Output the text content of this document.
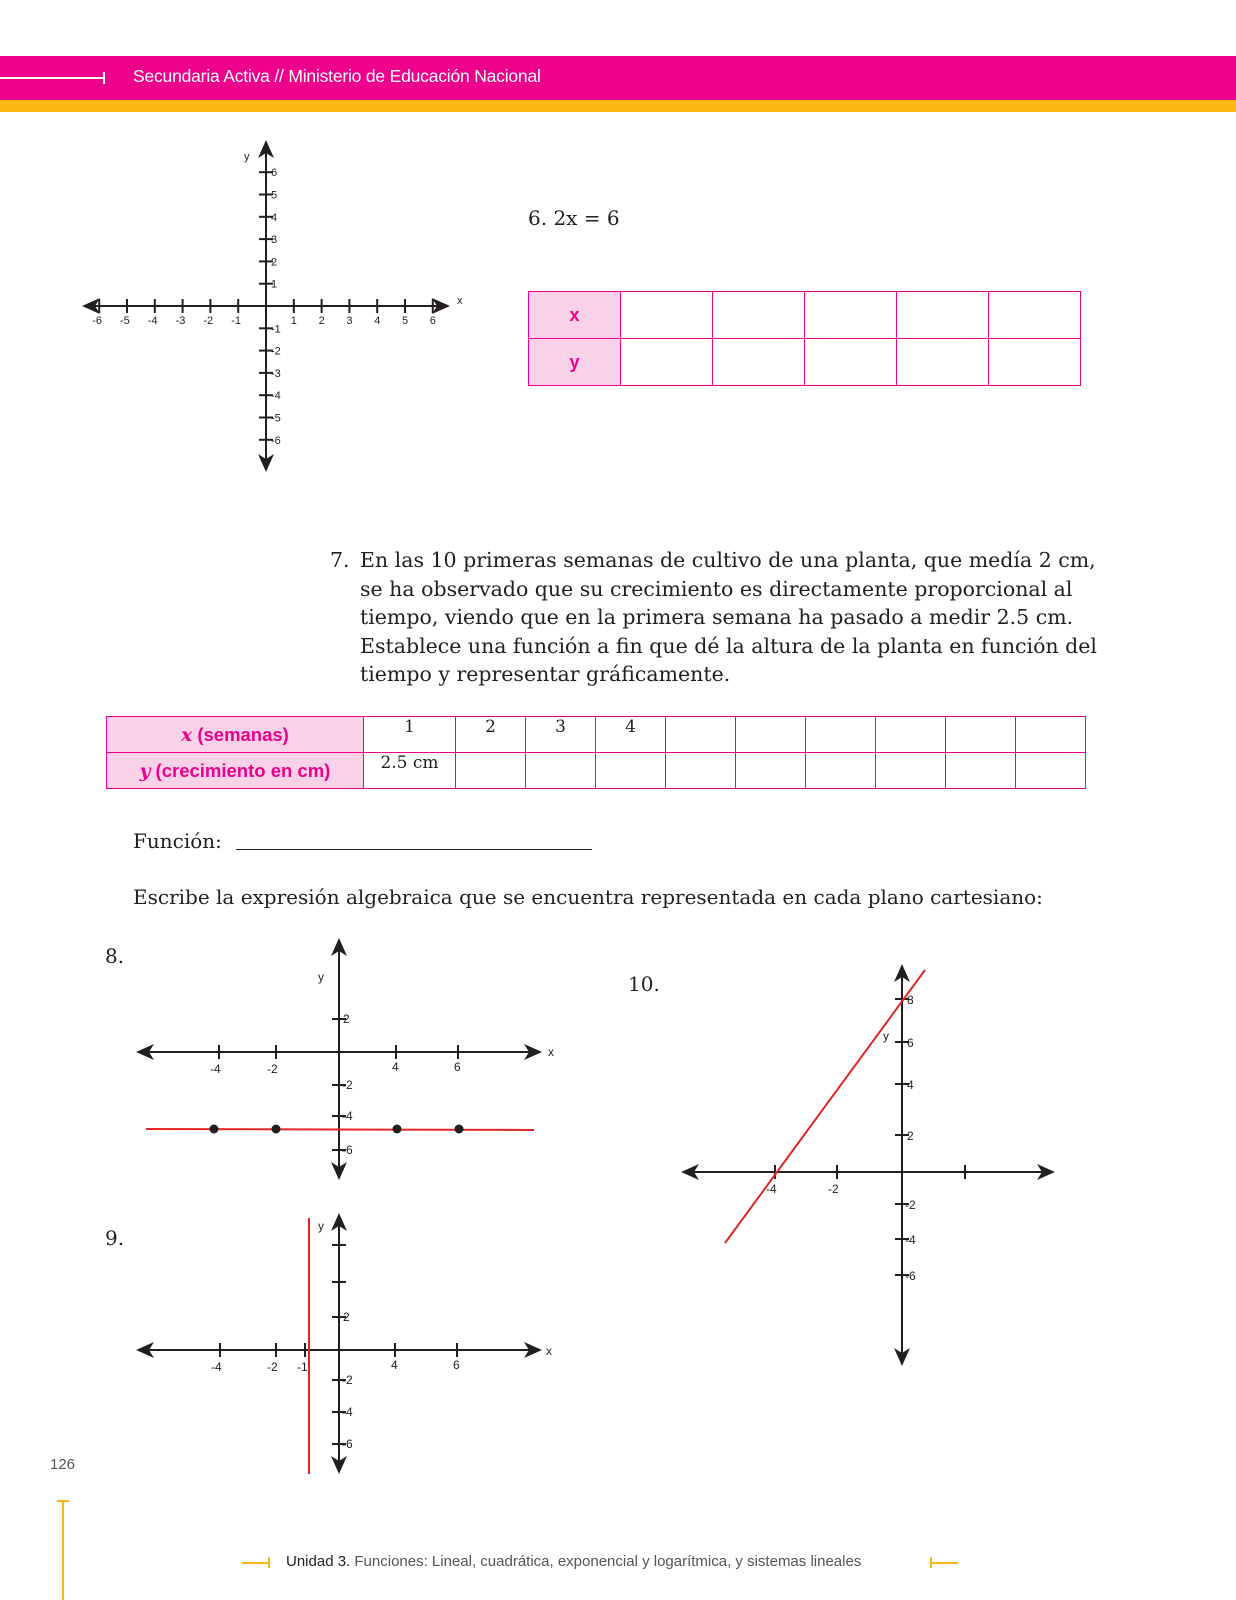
Secundaria Activa // Ministerio de Educación Nacional
-6 -5 -4 -3 -2 -1	1 2 3 4 5 6
6
5
4
3
2
1
-1
-2
-3
-4
-5
-6
x
y
6. 2x = 6
x					
y					
7. En las 10 primeras semanas de cultivo de una planta, que medía 2 cm,
se ha observado que su crecimiento es directamente proporcional al
tiempo, viendo que en la primera semana ha pasado a medir 2.5 cm.
Establece una función a fin que dé la altura de la planta en función del
tiempo y representar gráficamente.
x (semanas)	1	2	3	4						
y (crecimiento en cm)	2.5 cm									
Función:
Escribe la expresión algebraica que se encuentra representada en cada plano cartesiano:
8.
-4	-2	4	6
2
-2
-4
-6
x
y
9.
-4	-2 -1	4	6
2
-2
-4
-6
x
y
10.
-4	-2
8
6
4
2
-2
-4
-6
y
126
Unidad 3. Funciones: Lineal, cuadrática, exponencial y logarítmica, y sistemas lineales
